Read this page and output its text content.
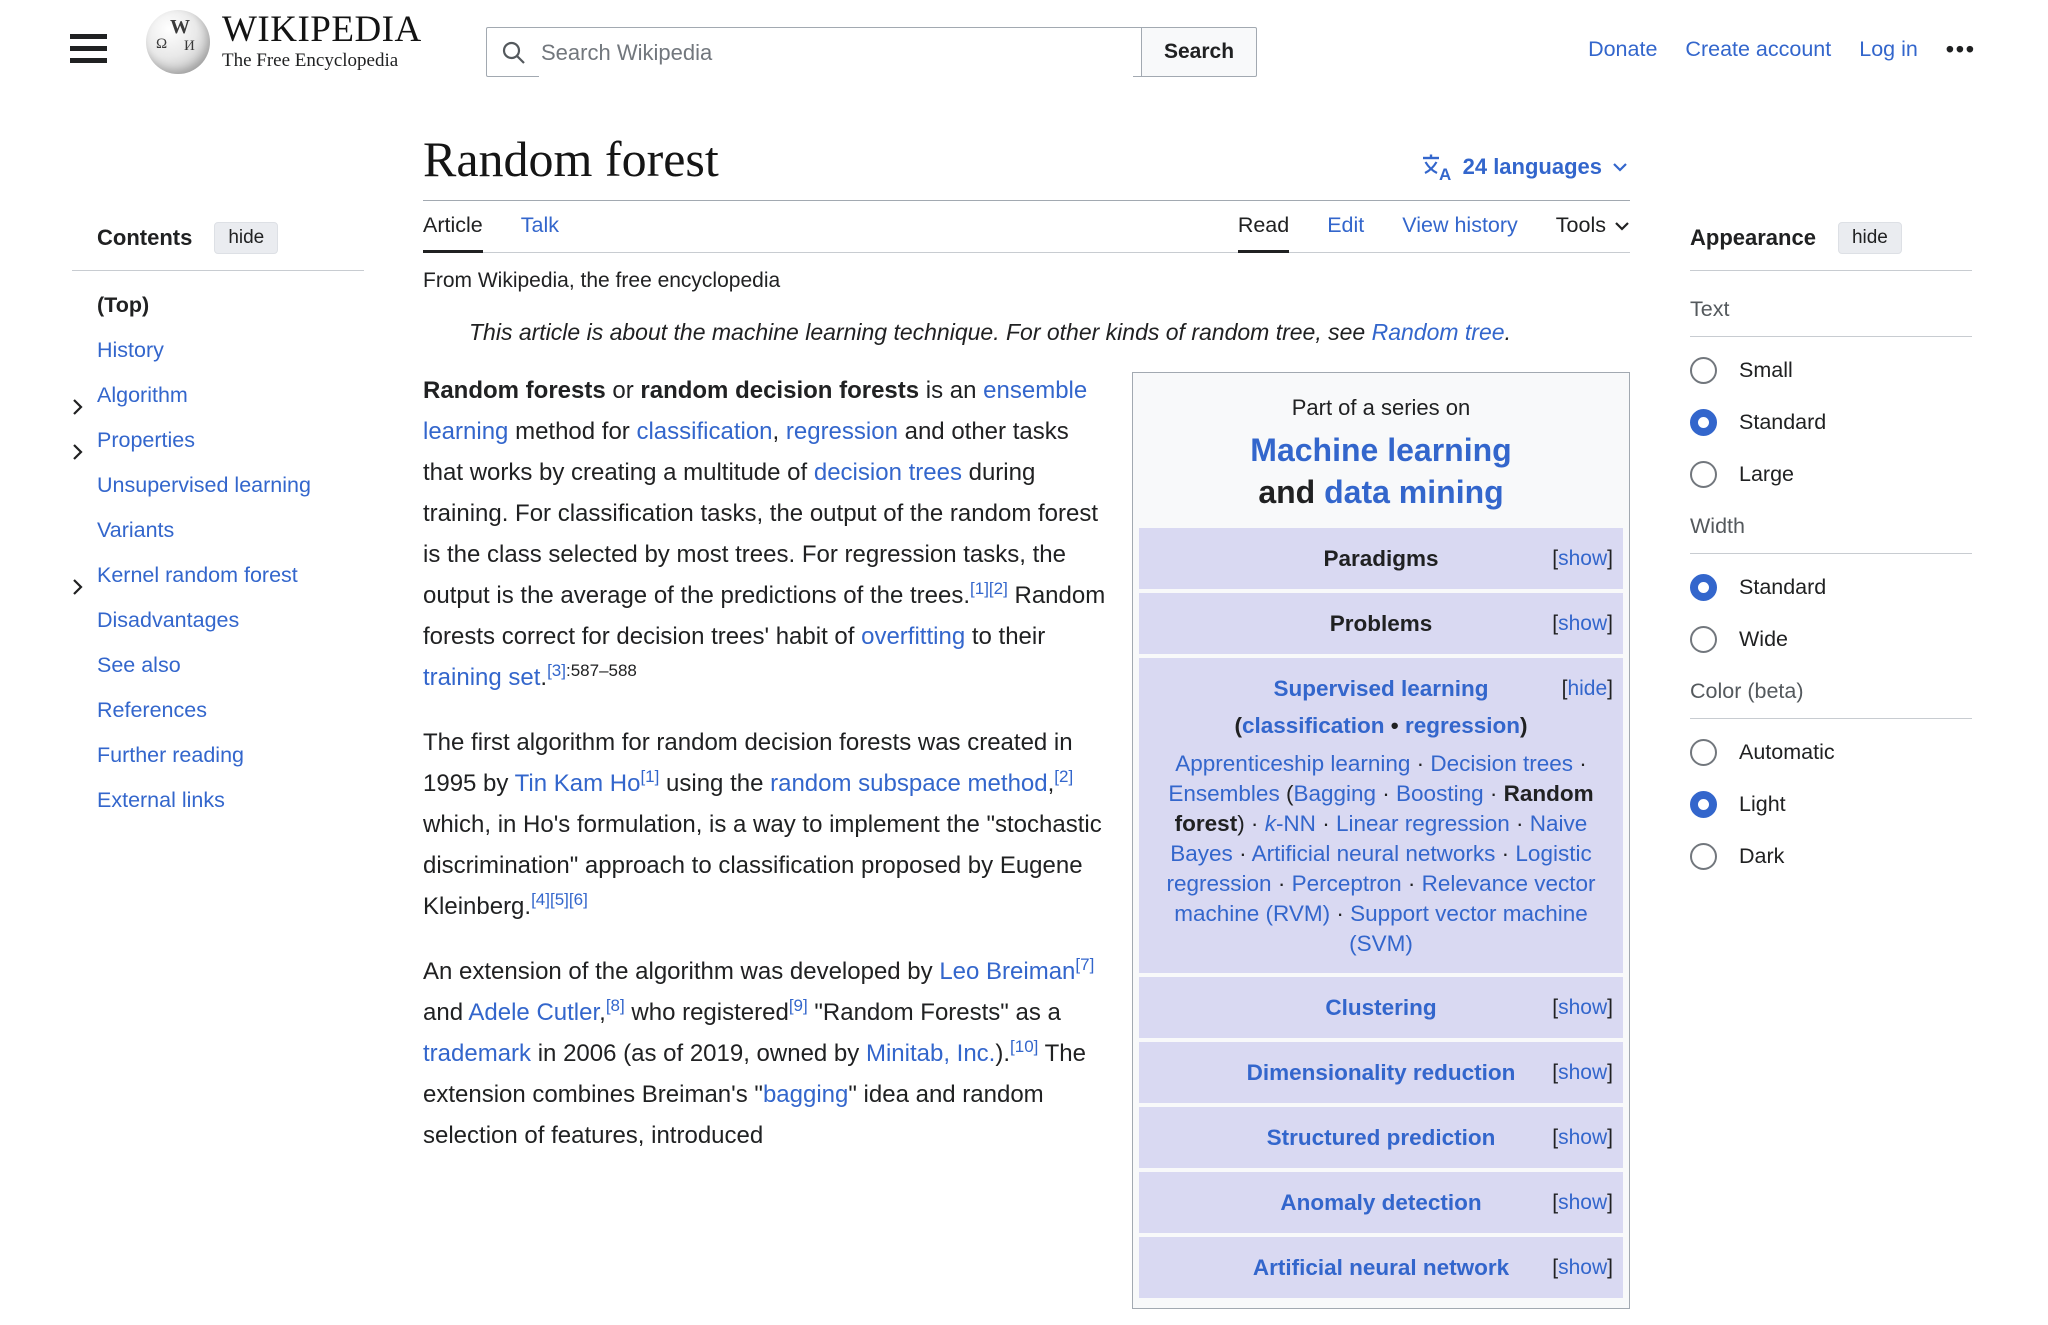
W
Ω И WIKIPEDIA
The Free Encyclopedia
Search Wikipedia	Search	Donate Create account Log in •••
Contents	hide
(Top)
History
Algorithm
Properties
Unsupervised learning
Variants
Kernel random forest
Disadvantages
See also
References
Further reading
External links
Random forest	A 24 languages
Article Talk	Read Edit View history Tools
From Wikipedia, the free encyclopedia
This article is about the machine learning technique. For other kinds of random tree, see Random tree.
Part of a series on
Machine learning
and data mining
Paradigms	[show]
Problems	[show]
Supervised learning	[hide]
(classification • regression)
Apprenticeship learning · Decision trees · Ensembles (Bagging · Boosting · Random forest) · k-NN · Linear regression · Naive Bayes · Artificial neural networks · Logistic regression · Perceptron · Relevance vector machine (RVM) · Support vector machine (SVM)
Clustering	[show]
Dimensionality reduction [show]
Structured prediction	[show]
Anomaly detection	[show]
Artificial neural network [show]

Random forests or random decision forests is an ensemble learning method for classification, regression and other tasks that works by creating a multitude of decision trees during training. For classification tasks, the output of the random forest is the class selected by most trees. For regression tasks, the output is the average of the predictions of the trees.[1][2] Random forests correct for decision trees' habit of overfitting to their training set.$^{[3]:587-588}$

The first algorithm for random decision forests was created in 1995 by Tin Kam Ho[1] using the random subspace method,[2] which, in Ho's formulation, is a way to implement the "stochastic discrimination" approach to classification proposed by Eugene Kleinberg.[4][5][6]

An extension of the algorithm was developed by Leo Breiman[7] and Adele Cutler,[8] who registered[9] "Random Forests" as a trademark in 2006 (as of 2019, owned by Minitab, Inc.).[10] The extension combines Breiman's "bagging" idea and random selection of features, introduced

Appearance	hide
Text
Small
Standard
Large
Width
Standard
Wide
Color (beta)
Automatic
Light
Dark
